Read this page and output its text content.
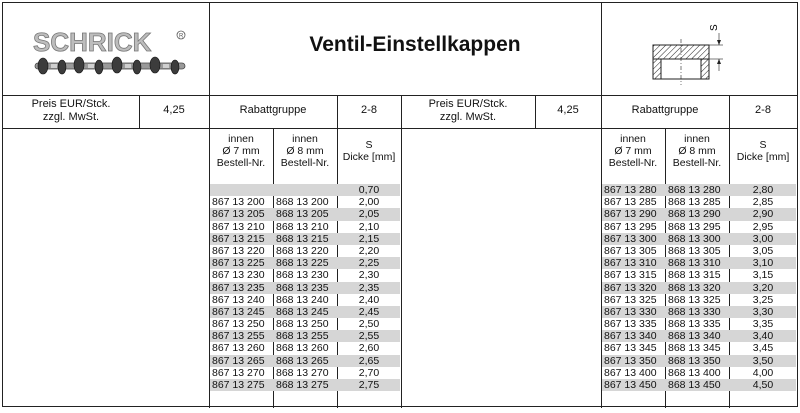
SCHRICK	R	Ventil-Einstellkappen
S
Preis EUR/Stck.
zzgl. MwSt.
4,25	Rabattgruppe	2-8	Preis EUR/Stck.
zzgl. MwSt.
4,25	Rabattgruppe	2-8
innen
Ø 7 mm
Bestell-Nr.
innen
Ø 8 mm
Bestell-Nr.
S
Dicke [mm]
innen
Ø 7 mm
Bestell-Nr.
innen
Ø 8 mm
Bestell-Nr.
S
Dicke [mm]
0,70
867 13 200 868 13 200	2,00
867 13 205 868 13 205	2,05
867 13 210 868 13 210	2,10
867 13 215 868 13 215	2,15
867 13 220 868 13 220	2,20
867 13 225 868 13 225	2,25
867 13 230 868 13 230	2,30
867 13 235 868 13 235	2,35
867 13 240 868 13 240	2,40
867 13 245 868 13 245	2,45
867 13 250 868 13 250	2,50
867 13 255 868 13 255	2,55
867 13 260 868 13 260	2,60
867 13 265 868 13 265	2,65
867 13 270 868 13 270	2,70
867 13 275 868 13 275	2,75
867 13 280 868 13 280	2,80
867 13 285 868 13 285	2,85
867 13 290 868 13 290	2,90
867 13 295 868 13 295	2,95
867 13 300 868 13 300	3,00
867 13 305 868 13 305	3,05
867 13 310 868 13 310	3,10
867 13 315 868 13 315	3,15
867 13 320 868 13 320	3,20
867 13 325 868 13 325	3,25
867 13 330 868 13 330	3,30
867 13 335 868 13 335	3,35
867 13 340 868 13 340	3,40
867 13 345 868 13 345	3,45
867 13 350 868 13 350	3,50
867 13 400 868 13 400	4,00
867 13 450 868 13 450	4,50
